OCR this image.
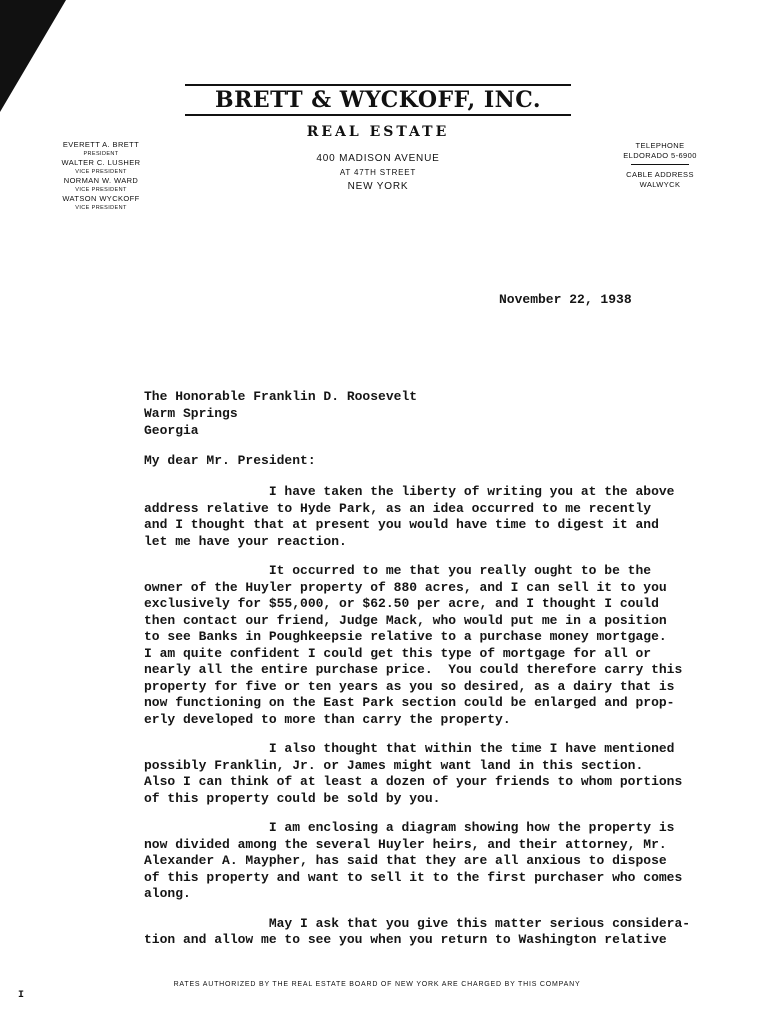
BRETT & WYCKOFF, INC.
REAL ESTATE
400 MADISON AVENUE
AT 47TH STREET
NEW YORK
EVERETT A. BRETT
PRESIDENT
WALTER C. LUSHER
VICE PRESIDENT
NORMAN W. WARD
VICE PRESIDENT
WATSON WYCKOFF
VICE PRESIDENT
TELEPHONE
ELDORADO 5-6900
CABLE ADDRESS
WALWYCK
November 22, 1938
The Honorable Franklin D. Roosevelt
Warm Springs
Georgia
My dear Mr. President:

I have taken the liberty of writing you at the above
address relative to Hyde Park, as an idea occurred to me recently
and I thought that at present you would have time to digest it and
let me have your reaction.

It occurred to me that you really ought to be the
owner of the Huyler property of 880 acres, and I can sell it to you
exclusively for $55,000, or $62.50 per acre, and I thought I could
then contact our friend, Judge Mack, who would put me in a position
to see Banks in Poughkeepsie relative to a purchase money mortgage.
I am quite confident I could get this type of mortgage for all or
nearly all the entire purchase price.  You could therefore carry this
property for five or ten years as you so desired, as a dairy that is
now functioning on the East Park section could be enlarged and prop-
erly developed to more than carry the property.

I also thought that within the time I have mentioned
possibly Franklin, Jr. or James might want land in this section.
Also I can think of at least a dozen of your friends to whom portions
of this property could be sold by you.

I am enclosing a diagram showing how the property is
now divided among the several Huyler heirs, and their attorney, Mr.
Alexander A. Maypher, has said that they are all anxious to dispose
of this property and want to sell it to the first purchaser who comes
along.

May I ask that you give this matter serious considera-
tion and allow me to see you when you return to Washington relative

RATES AUTHORIZED BY THE REAL ESTATE BOARD OF NEW YORK ARE CHARGED BY THIS COMPANY
I
